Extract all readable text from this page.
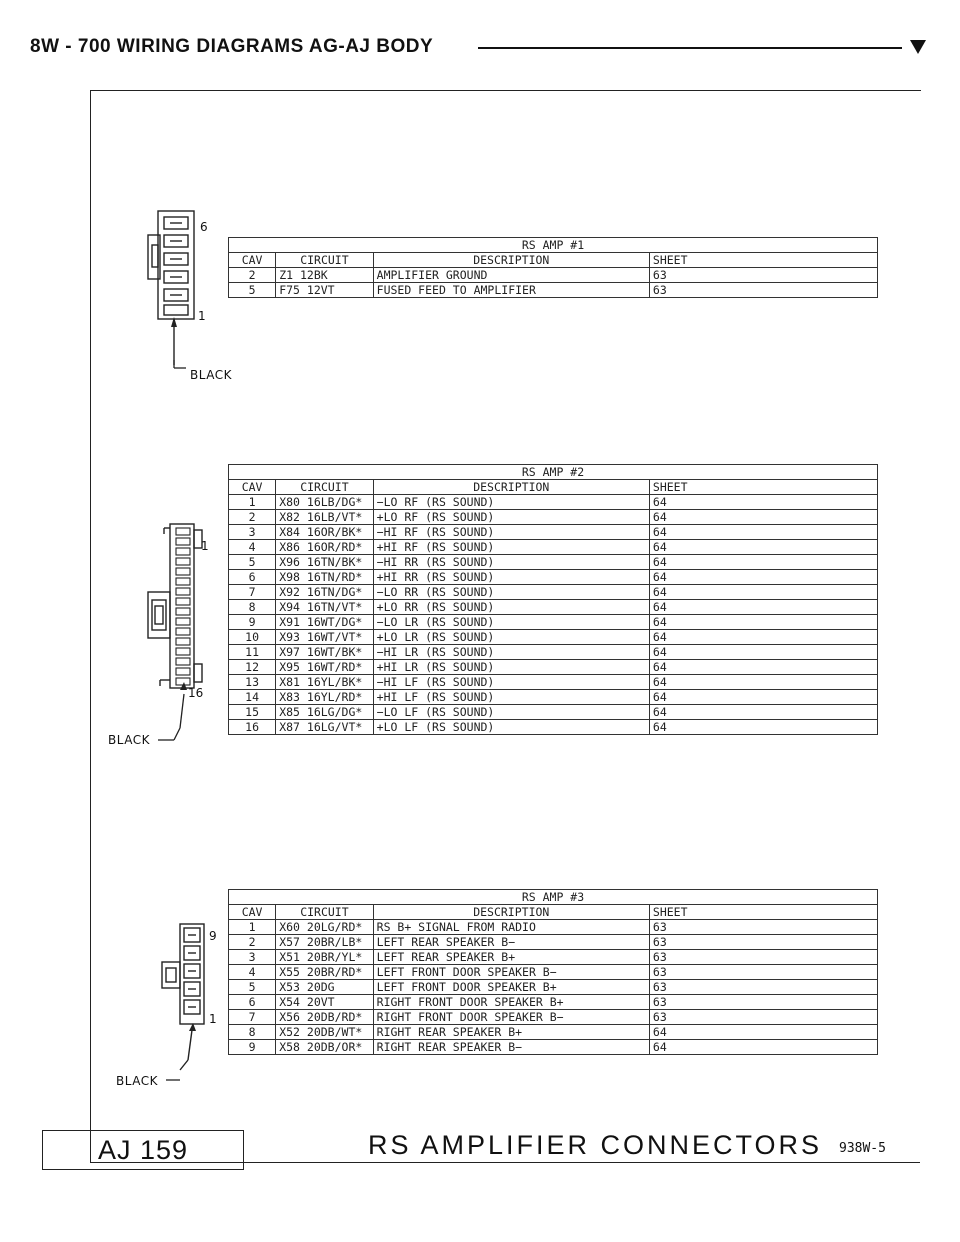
8W - 700 WIRING DIAGRAMS AG-AJ BODY
6
1
BLACK
RS AMP #1			
CAV	CIRCUIT	DESCRIPTION	SHEET
2	Z1 12BK	AMPLIFIER GROUND	63
5	F75 12VT	FUSED FEED TO AMPLIFIER	63
1
16
BLACK
RS AMP #2			
CAV	CIRCUIT	DESCRIPTION	SHEET
1	X80 16LB/DG*	−LO RF (RS SOUND)	64
2	X82 16LB/VT*	+LO RF (RS SOUND)	64
3	X84 16OR/BK*	−HI RF (RS SOUND)	64
4	X86 16OR/RD*	+HI RF (RS SOUND)	64
5	X96 16TN/BK*	−HI RR (RS SOUND)	64
6	X98 16TN/RD*	+HI RR (RS SOUND)	64
7	X92 16TN/DG*	−LO RR (RS SOUND)	64
8	X94 16TN/VT*	+LO RR (RS SOUND)	64
9	X91 16WT/DG*	−LO LR (RS SOUND)	64
10	X93 16WT/VT*	+LO LR (RS SOUND)	64
11	X97 16WT/BK*	−HI LR (RS SOUND)	64
12	X95 16WT/RD*	+HI LR (RS SOUND)	64
13	X81 16YL/BK*	−HI LF (RS SOUND)	64
14	X83 16YL/RD*	+HI LF (RS SOUND)	64
15	X85 16LG/DG*	−LO LF (RS SOUND)	64
16	X87 16LG/VT*	+LO LF (RS SOUND)	64
9
1
BLACK
RS AMP #3			
CAV	CIRCUIT	DESCRIPTION	SHEET
1	X60 20LG/RD*	RS B+ SIGNAL FROM RADIO	63
2	X57 20BR/LB*	LEFT REAR SPEAKER B−	63
3	X51 20BR/YL*	LEFT REAR SPEAKER B+	63
4	X55 20BR/RD*	LEFT FRONT DOOR SPEAKER B−	63
5	X53 20DG	LEFT FRONT DOOR SPEAKER B+	63
6	X54 20VT	RIGHT FRONT DOOR SPEAKER B+	63
7	X56 20DB/RD*	RIGHT FRONT DOOR SPEAKER B−	63
8	X52 20DB/WT*	RIGHT REAR SPEAKER B+	64
9	X58 20DB/OR*	RIGHT REAR SPEAKER B−	64
AJ 159	RS AMPLIFIER CONNECTORS 938W-5
